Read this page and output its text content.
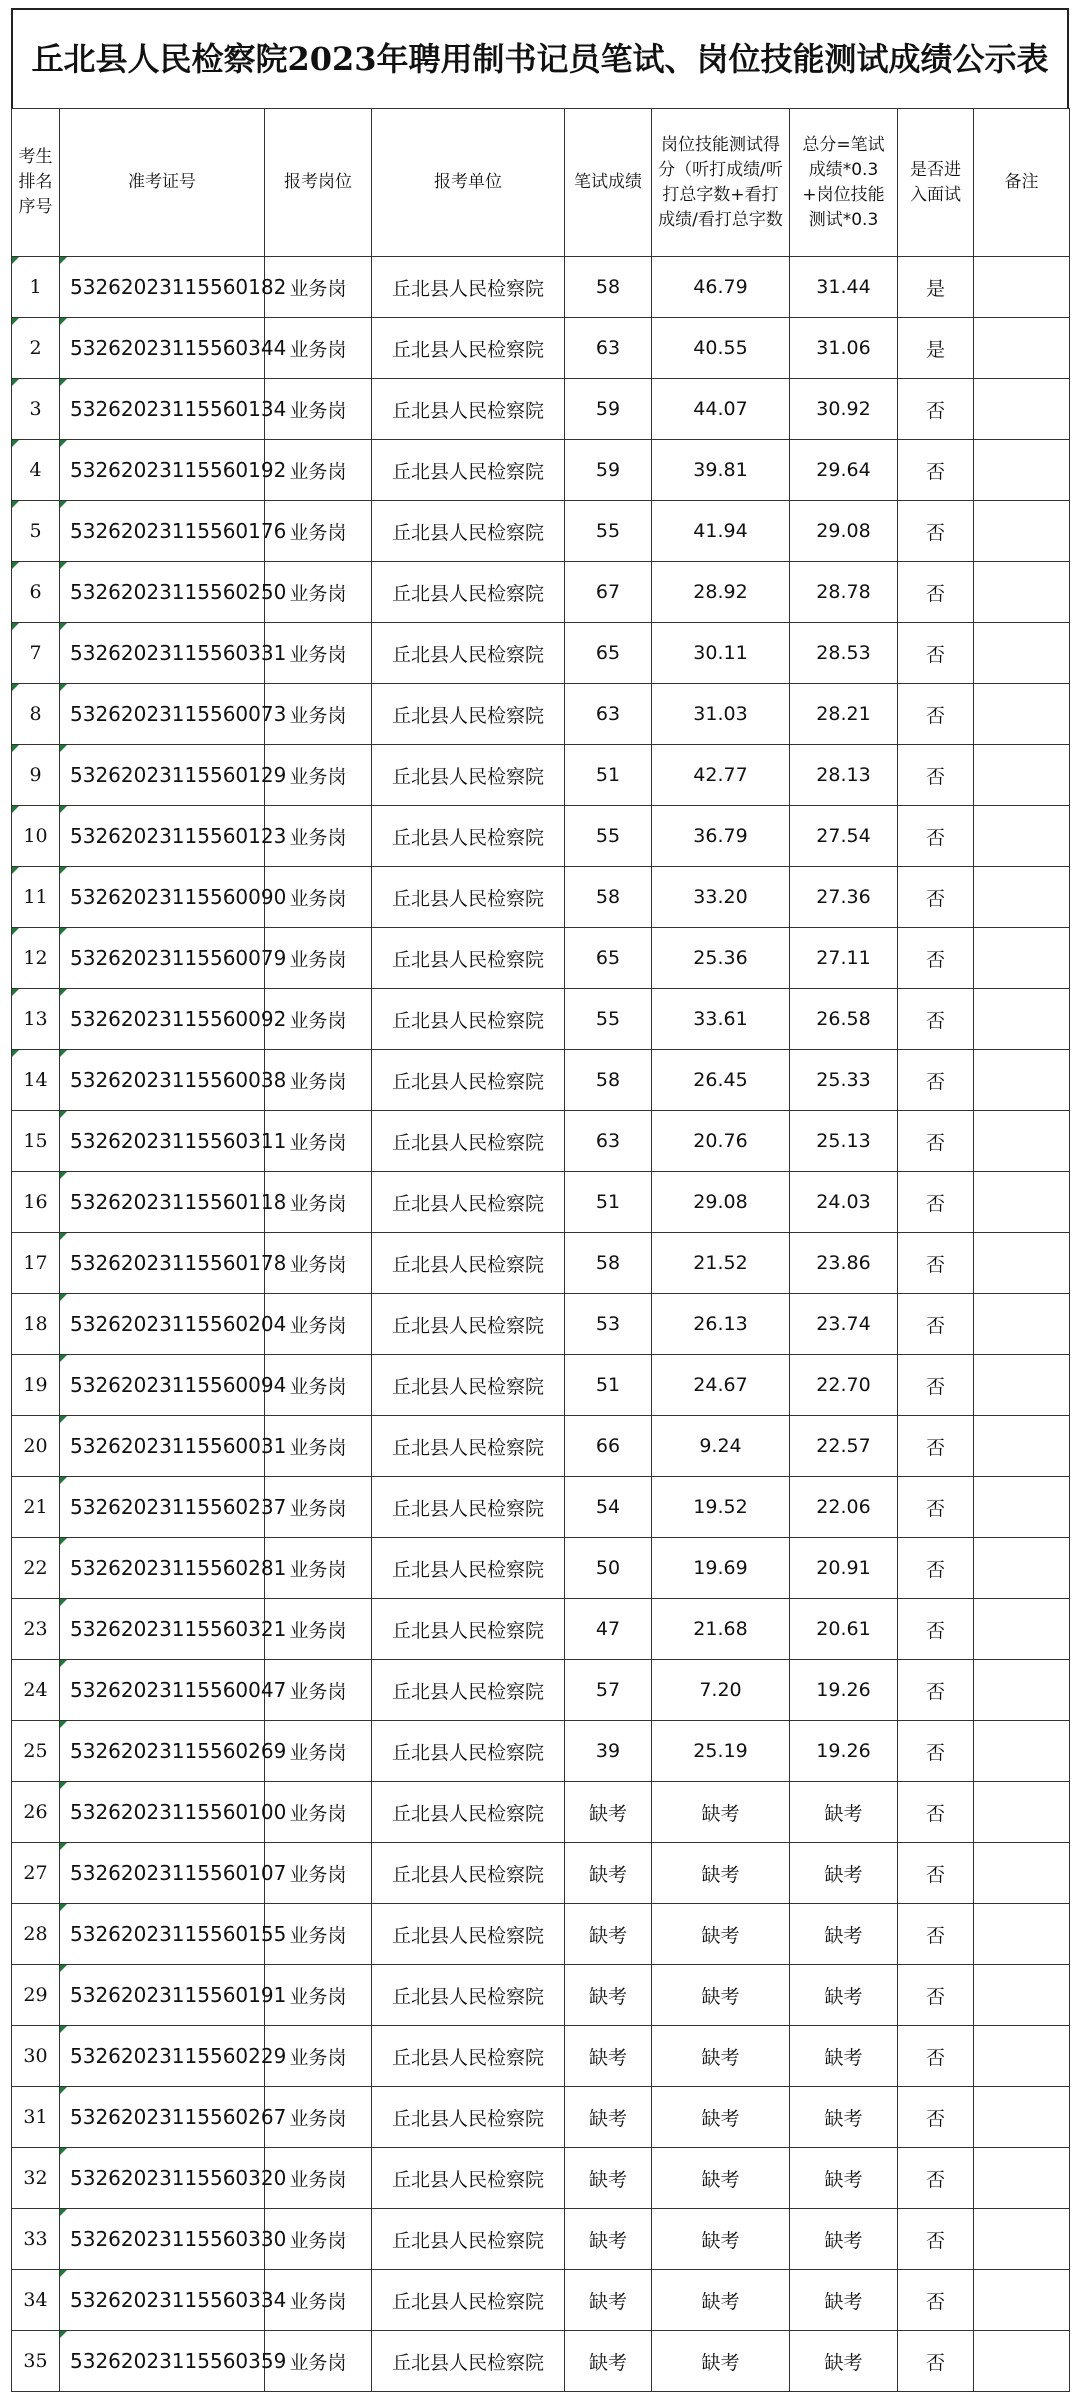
丘北县人民检察院2023年聘用制书记员笔试、岗位技能测试成绩公示表
考生排名序号	准考证号	报考岗位	报考单位	笔试成绩	岗位技能测试得分（听打成绩/听打总字数+看打成绩/看打总字数	总分=笔试成绩*0.3+岗位技能测试*0.3	是否进入面试	备注

1	53262023115560182	业务岗	丘北县人民检察院	58	46.79	31.44	是	
2	53262023115560344	业务岗	丘北县人民检察院	63	40.55	31.06	是	
3	53262023115560134	业务岗	丘北县人民检察院	59	44.07	30.92	否	
4	53262023115560192	业务岗	丘北县人民检察院	59	39.81	29.64	否	
5	53262023115560176	业务岗	丘北县人民检察院	55	41.94	29.08	否	
6	53262023115560250	业务岗	丘北县人民检察院	67	28.92	28.78	否	
7	53262023115560331	业务岗	丘北县人民检察院	65	30.11	28.53	否	
8	53262023115560073	业务岗	丘北县人民检察院	63	31.03	28.21	否	
9	53262023115560129	业务岗	丘北县人民检察院	51	42.77	28.13	否	
10	53262023115560123	业务岗	丘北县人民检察院	55	36.79	27.54	否	
11	53262023115560090	业务岗	丘北县人民检察院	58	33.20	27.36	否	
12	53262023115560079	业务岗	丘北县人民检察院	65	25.36	27.11	否	
13	53262023115560092	业务岗	丘北县人民检察院	55	33.61	26.58	否	
14	53262023115560038	业务岗	丘北县人民检察院	58	26.45	25.33	否	
15	53262023115560311	业务岗	丘北县人民检察院	63	20.76	25.13	否	
16	53262023115560118	业务岗	丘北县人民检察院	51	29.08	24.03	否	
17	53262023115560178	业务岗	丘北县人民检察院	58	21.52	23.86	否	
18	53262023115560204	业务岗	丘北县人民检察院	53	26.13	23.74	否	
19	53262023115560094	业务岗	丘北县人民检察院	51	24.67	22.70	否	
20	53262023115560031	业务岗	丘北县人民检察院	66	9.24	22.57	否	
21	53262023115560237	业务岗	丘北县人民检察院	54	19.52	22.06	否	
22	53262023115560281	业务岗	丘北县人民检察院	50	19.69	20.91	否	
23	53262023115560321	业务岗	丘北县人民检察院	47	21.68	20.61	否	
24	53262023115560047	业务岗	丘北县人民检察院	57	7.20	19.26	否	
25	53262023115560269	业务岗	丘北县人民检察院	39	25.19	19.26	否	
26	53262023115560100	业务岗	丘北县人民检察院	缺考	缺考	缺考	否	
27	53262023115560107	业务岗	丘北县人民检察院	缺考	缺考	缺考	否	
28	53262023115560155	业务岗	丘北县人民检察院	缺考	缺考	缺考	否	
29	53262023115560191	业务岗	丘北县人民检察院	缺考	缺考	缺考	否	
30	53262023115560229	业务岗	丘北县人民检察院	缺考	缺考	缺考	否	
31	53262023115560267	业务岗	丘北县人民检察院	缺考	缺考	缺考	否	
32	53262023115560320	业务岗	丘北县人民检察院	缺考	缺考	缺考	否	
33	53262023115560330	业务岗	丘北县人民检察院	缺考	缺考	缺考	否	
34	53262023115560334	业务岗	丘北县人民检察院	缺考	缺考	缺考	否	
35	53262023115560359	业务岗	丘北县人民检察院	缺考	缺考	缺考	否	
